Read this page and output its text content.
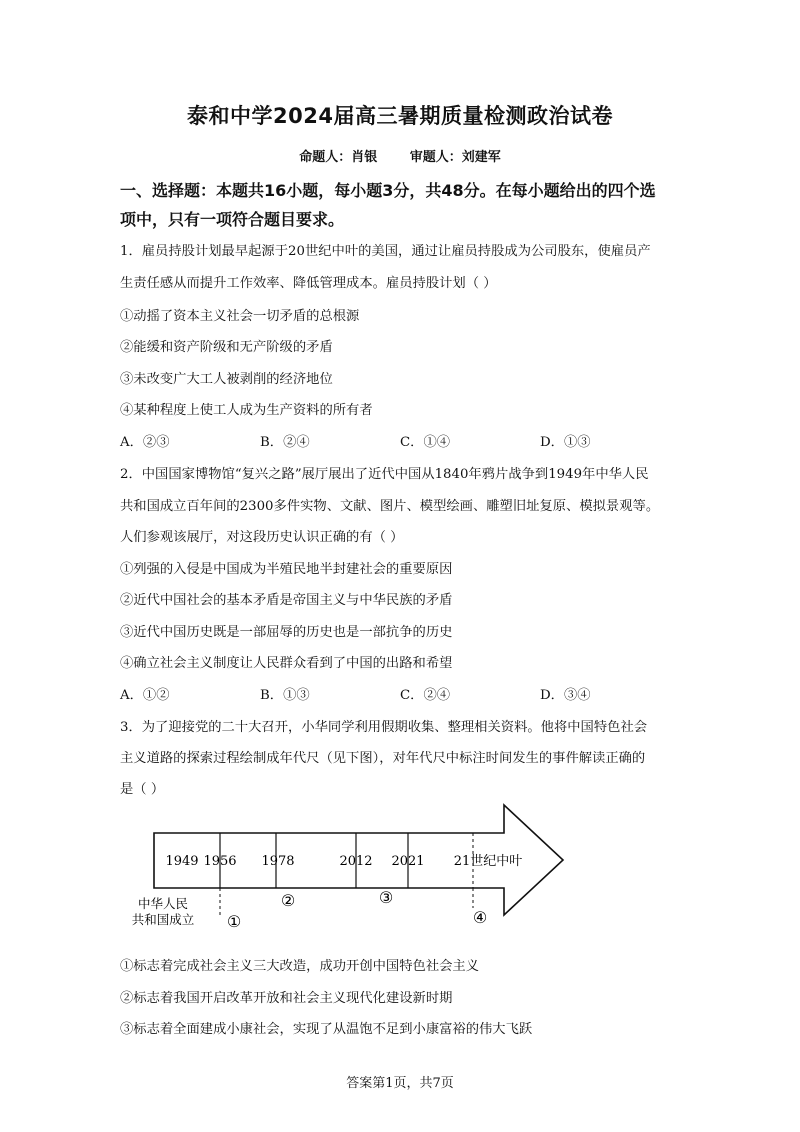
泰和中学2024届高三暑期质量检测政治试卷
命题人：肖银	审题人：刘建军
一、选择题：本题共16小题，每小题3分，共48分。在每小题给出的四个选
项中，只有一项符合题目要求。
1．雇员持股计划最早起源于20世纪中叶的美国，通过让雇员持股成为公司股东，使雇员产
生责任感从而提升工作效率、降低管理成本。雇员持股计划（ ）
①动摇了资本主义社会一切矛盾的总根源
②能缓和资产阶级和无产阶级的矛盾
③未改变广大工人被剥削的经济地位
④某种程度上使工人成为生产资料的所有者
A．②③	B．②④	C．①④	D．①③
2．中国国家博物馆“复兴之路”展厅展出了近代中国从1840年鸦片战争到1949年中华人民
共和国成立百年间的2300多件实物、文献、图片、模型绘画、雕塑旧址复原、模拟景观等。
人们参观该展厅，对这段历史认识正确的有（ ）
①列强的入侵是中国成为半殖民地半封建社会的重要原因
②近代中国社会的基本矛盾是帝国主义与中华民族的矛盾
③近代中国历史既是一部屈辱的历史也是一部抗争的历史
④确立社会主义制度让人民群众看到了中国的出路和希望
A．①②	B．①③	C．②④	D．③④
3．为了迎接党的二十大召开，小华同学利用假期收集、整理相关资料。他将中国特色社会
主义道路的探索过程绘制成年代尺（见下图），对年代尺中标注时间发生的事件解读正确的
是（ ）
1949 1956 1978	2012 2021 21世纪中叶
中华人民
共和国成立 ①
②	③
④
①标志着完成社会主义三大改造，成功开创中国特色社会主义
②标志着我国开启改革开放和社会主义现代化建设新时期
③标志着全面建成小康社会，实现了从温饱不足到小康富裕的伟大飞跃
答案第1页，共7页
